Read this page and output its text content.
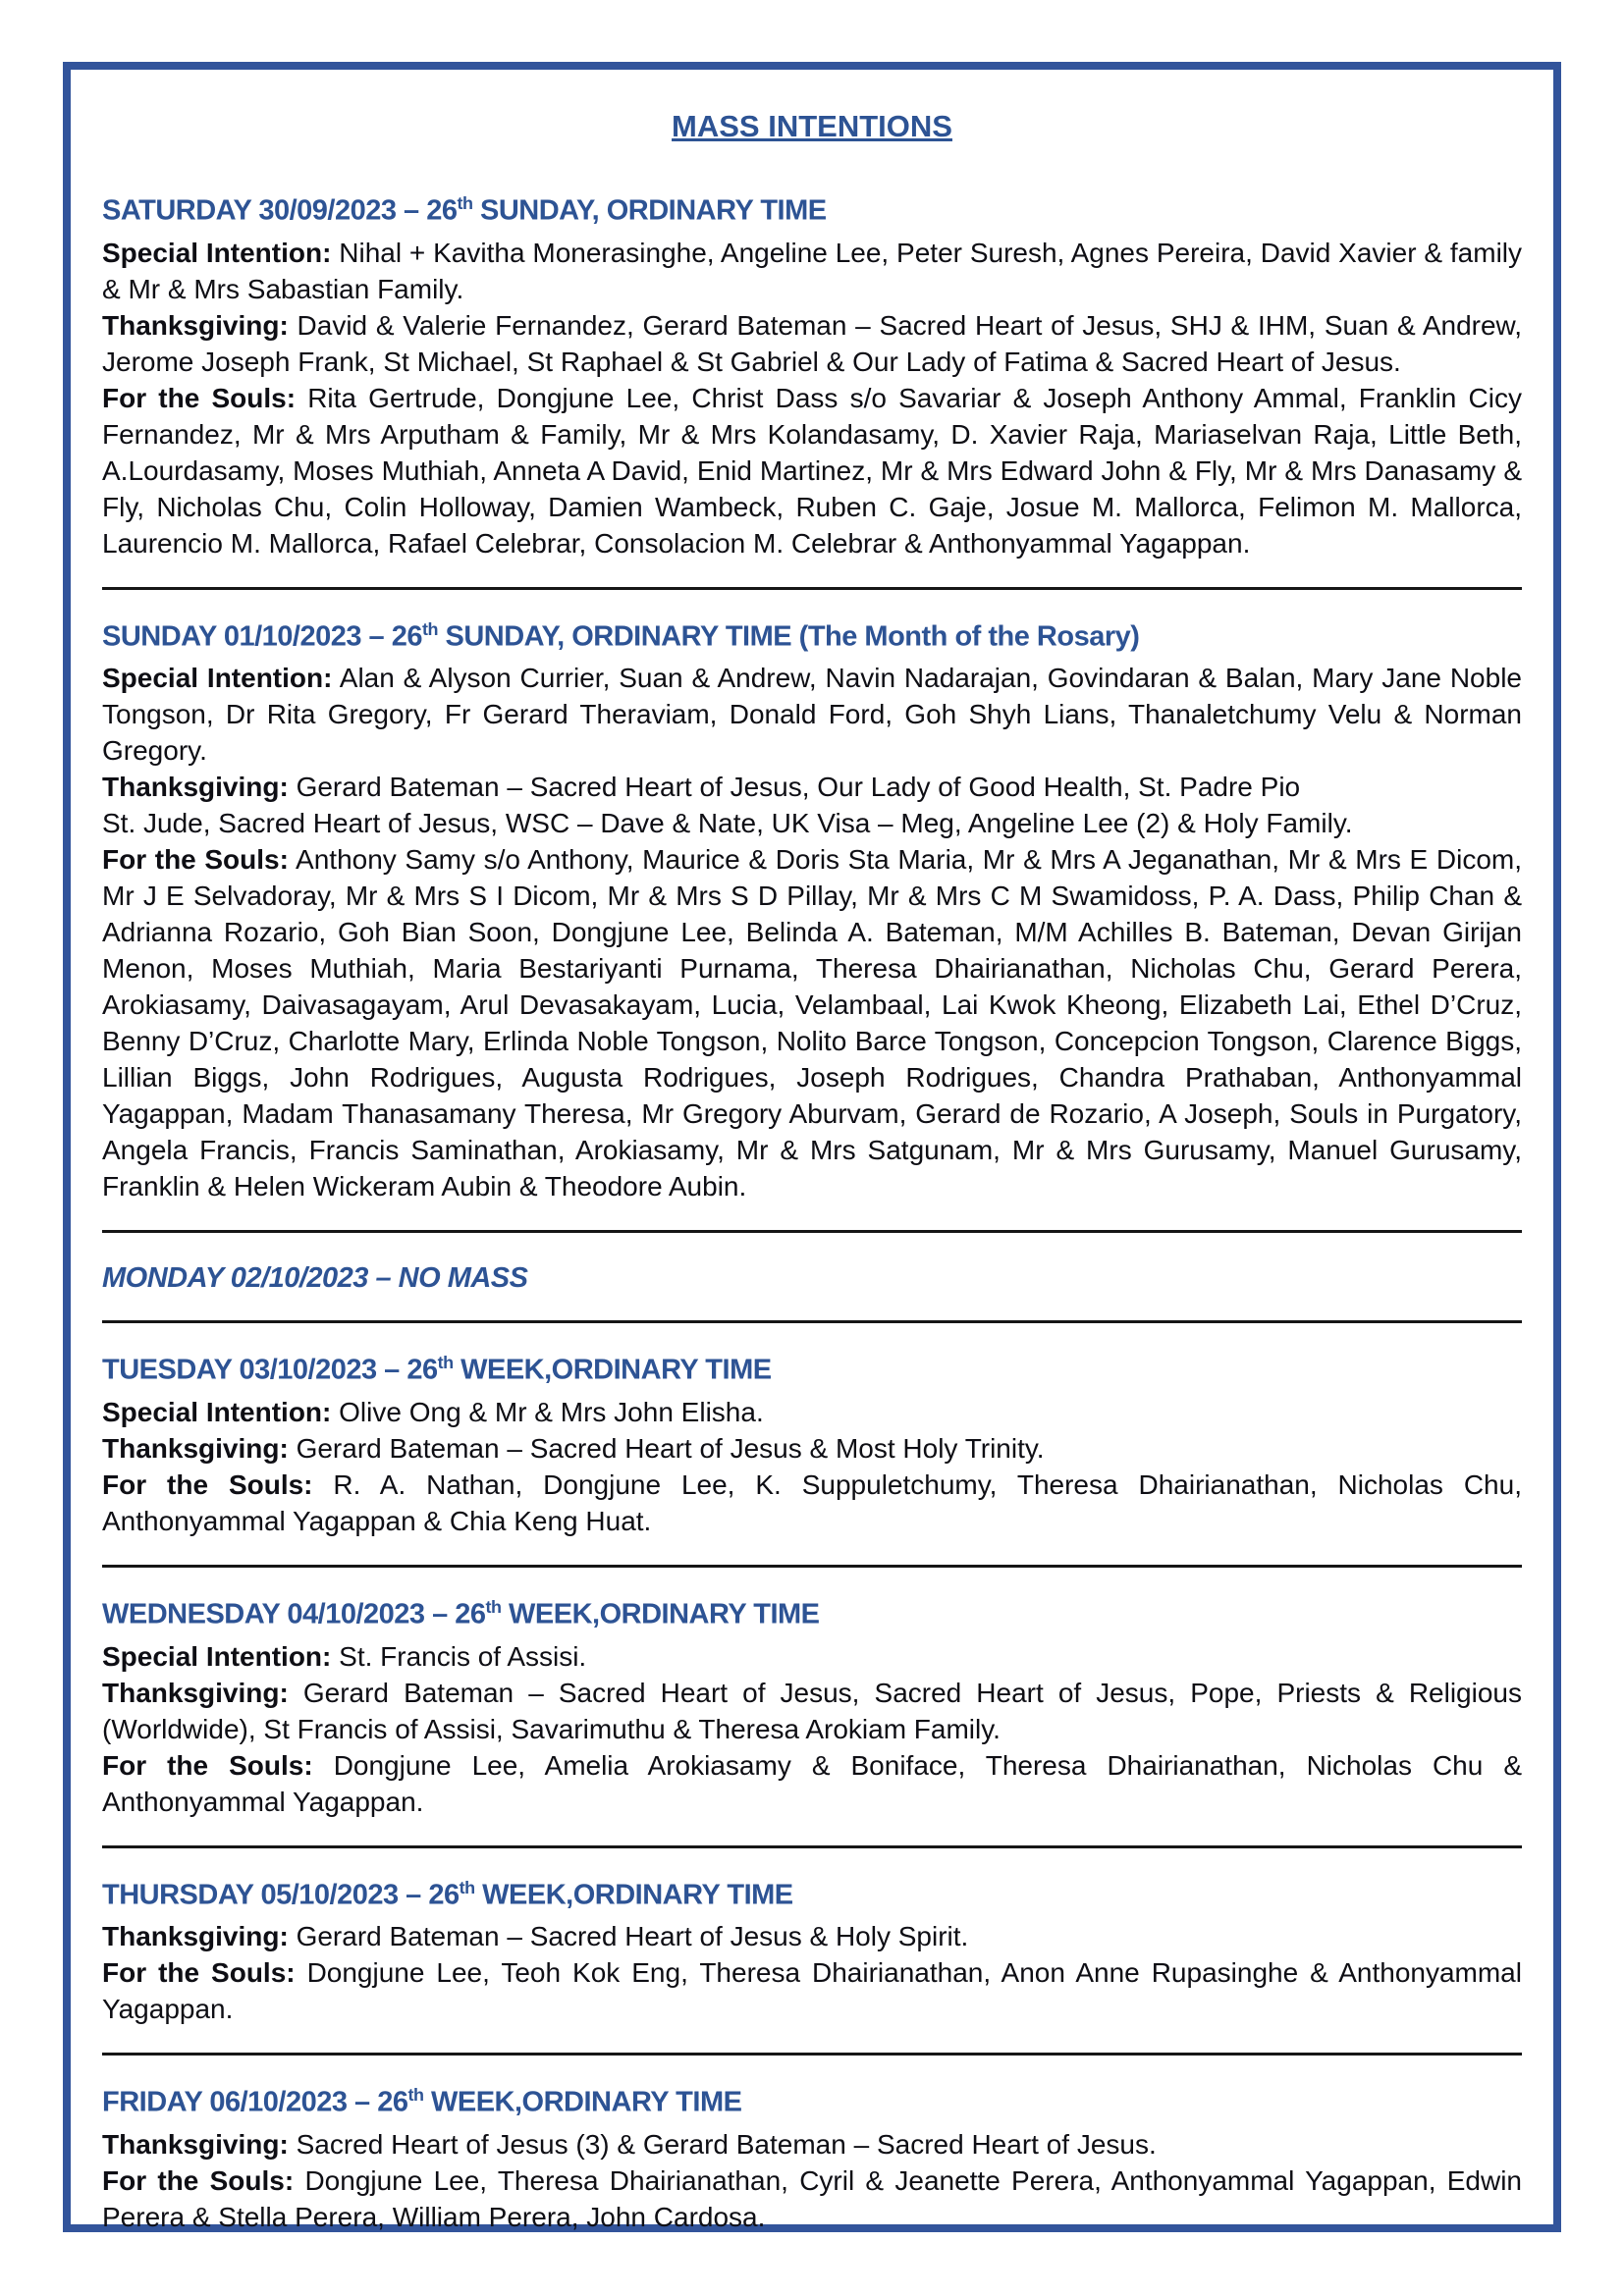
MASS INTENTIONS
SATURDAY 30/09/2023 – 26th SUNDAY, ORDINARY TIME

Special Intention: Nihal + Kavitha Monerasinghe, Angeline Lee, Peter Suresh, Agnes Pereira, David Xavier & family & Mr & Mrs Sabastian Family.

Thanksgiving: David & Valerie Fernandez, Gerard Bateman – Sacred Heart of Jesus, SHJ & IHM, Suan & Andrew, Jerome Joseph Frank, St Michael, St Raphael & St Gabriel & Our Lady of Fatima & Sacred Heart of Jesus.

For the Souls: Rita Gertrude, Dongjune Lee, Christ Dass s/o Savariar & Joseph Anthony Ammal, Franklin Cicy Fernandez, Mr & Mrs Arputham & Family, Mr & Mrs Kolandasamy, D. Xavier Raja, Mariaselvan Raja, Little Beth, A.Lourdasamy, Moses Muthiah, Anneta A David, Enid Martinez, Mr & Mrs Edward John & Fly, Mr & Mrs Danasamy & Fly, Nicholas Chu, Colin Holloway, Damien Wambeck, Ruben C. Gaje, Josue M. Mallorca, Felimon M. Mallorca, Laurencio M. Mallorca, Rafael Celebrar, Consolacion M. Celebrar & Anthonyammal Yagappan.

SUNDAY 01/10/2023 – 26th SUNDAY, ORDINARY TIME (The Month of the Rosary)

Special Intention: Alan & Alyson Currier, Suan & Andrew, Navin Nadarajan, Govindaran & Balan, Mary Jane Noble Tongson, Dr Rita Gregory, Fr Gerard Theraviam, Donald Ford, Goh Shyh Lians, Thanaletchumy Velu & Norman Gregory.

Thanksgiving: Gerard Bateman – Sacred Heart of Jesus, Our Lady of Good Health, St. Padre Pio
St. Jude, Sacred Heart of Jesus, WSC – Dave & Nate, UK Visa – Meg, Angeline Lee (2) & Holy Family.

For the Souls: Anthony Samy s/o Anthony, Maurice & Doris Sta Maria, Mr & Mrs A Jeganathan, Mr & Mrs E Dicom, Mr J E Selvadoray, Mr & Mrs S I Dicom, Mr & Mrs S D Pillay, Mr & Mrs C M Swamidoss, P. A. Dass, Philip Chan & Adrianna Rozario, Goh Bian Soon, Dongjune Lee, Belinda A. Bateman, M/M Achilles B. Bateman, Devan Girijan Menon, Moses Muthiah, Maria Bestariyanti Purnama, Theresa Dhairianathan, Nicholas Chu, Gerard Perera, Arokiasamy, Daivasagayam, Arul Devasakayam, Lucia, Velambaal, Lai Kwok Kheong, Elizabeth Lai, Ethel D’Cruz, Benny D’Cruz, Charlotte Mary, Erlinda Noble Tongson, Nolito Barce Tongson, Concepcion Tongson, Clarence Biggs, Lillian Biggs, John Rodrigues, Augusta Rodrigues, Joseph Rodrigues, Chandra Prathaban, Anthonyammal Yagappan, Madam Thanasamany Theresa, Mr Gregory Aburvam, Gerard de Rozario, A Joseph, Souls in Purgatory, Angela Francis, Francis Saminathan, Arokiasamy, Mr & Mrs Satgunam, Mr & Mrs Gurusamy, Manuel Gurusamy, Franklin & Helen Wickeram Aubin & Theodore Aubin.

MONDAY 02/10/2023 – NO MASS
TUESDAY 03/10/2023 – 26th WEEK,ORDINARY TIME

Special Intention: Olive Ong & Mr & Mrs John Elisha.

Thanksgiving: Gerard Bateman – Sacred Heart of Jesus & Most Holy Trinity.

For the Souls: R. A. Nathan, Dongjune Lee, K. Suppuletchumy, Theresa Dhairianathan, Nicholas Chu, Anthonyammal Yagappan & Chia Keng Huat.

WEDNESDAY 04/10/2023 – 26th WEEK,ORDINARY TIME

Special Intention: St. Francis of Assisi.

Thanksgiving: Gerard Bateman – Sacred Heart of Jesus, Sacred Heart of Jesus, Pope, Priests & Religious (Worldwide), St Francis of Assisi, Savarimuthu & Theresa Arokiam Family.

For the Souls: Dongjune Lee, Amelia Arokiasamy & Boniface, Theresa Dhairianathan, Nicholas Chu & Anthonyammal Yagappan.

THURSDAY 05/10/2023 – 26th WEEK,ORDINARY TIME

Thanksgiving: Gerard Bateman – Sacred Heart of Jesus & Holy Spirit.

For the Souls: Dongjune Lee, Teoh Kok Eng, Theresa Dhairianathan, Anon Anne Rupasinghe & Anthonyammal Yagappan.

FRIDAY 06/10/2023 – 26th WEEK,ORDINARY TIME

Thanksgiving: Sacred Heart of Jesus (3) & Gerard Bateman – Sacred Heart of Jesus.

For the Souls: Dongjune Lee, Theresa Dhairianathan, Cyril & Jeanette Perera, Anthonyammal Yagappan, Edwin Perera & Stella Perera, William Perera, John Cardosa.
